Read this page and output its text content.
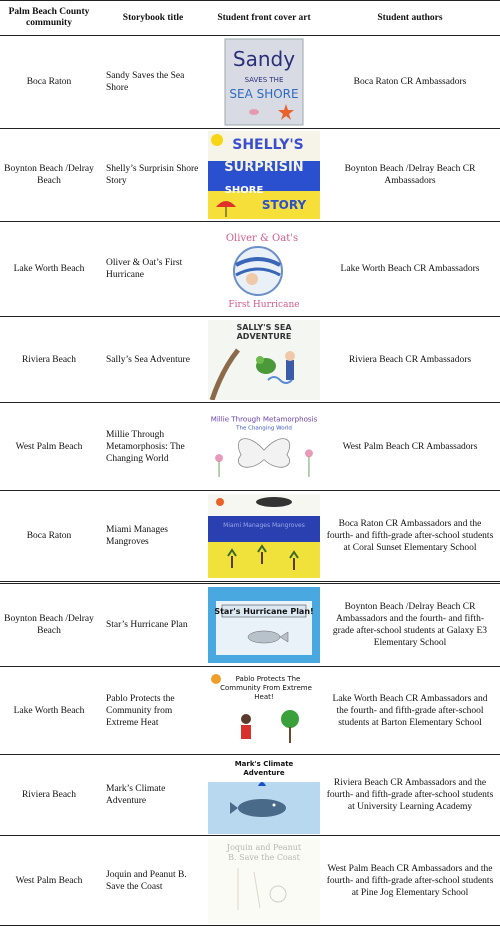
Palm Beach County community	Storybook title	Student front cover art	Student authors
Boca Raton	Sandy Saves the Sea Shore	Sandy
SAVES THE
SEA SHORE	Boca Raton CR Ambassadors
Boynton Beach /Delray Beach	Shelly’s Surprisin Shore Story	SHELLY'S
SURPRISIN
SHORE
STORY	Boynton Beach /Delray Beach CR Ambassadors
Lake Worth Beach	Oliver & Oat’s First Hurricane	Oliver & Oat's
First Hurricane	Lake Worth Beach CR Ambassadors
Riviera Beach	Sally’s Sea Adventure	SALLY'S SEA
ADVENTURE	Riviera Beach CR Ambassadors
West Palm Beach	Millie Through Metamorphosis: The Changing World	Millie Through Metamorphosis
The Changing World	West Palm Beach CR Ambassadors
Boca Raton	Miami Manages Mangroves	Miami Manages Mangroves	Boca Raton CR Ambassadors and the fourth- and fifth-grade after-school students at Coral Sunset Elementary School
Boynton Beach /Delray Beach	Star’s Hurricane Plan	Star's Hurricane Plan!	Boynton Beach /Delray Beach CR Ambassadors and the fourth- and fifth-grade after-school students at Galaxy E3 Elementary School
Lake Worth Beach	Pablo Protects the Community from Extreme Heat	Pablo Protects The
Community From Extreme
Heat!	Lake Worth Beach CR Ambassadors and the fourth- and fifth-grade after-school students at Barton Elementary School
Riviera Beach	Mark’s Climate Adventure	Mark's Climate
Adventure	Riviera Beach CR Ambassadors and the fourth- and fifth-grade after-school students at University Learning Academy
West Palm Beach	Joquin and Peanut B. Save the Coast	Joquin and Peanut
B. Save the Coast	West Palm Beach CR Ambassadors and the fourth- and fifth-grade after-school students at Pine Jog Elementary School
